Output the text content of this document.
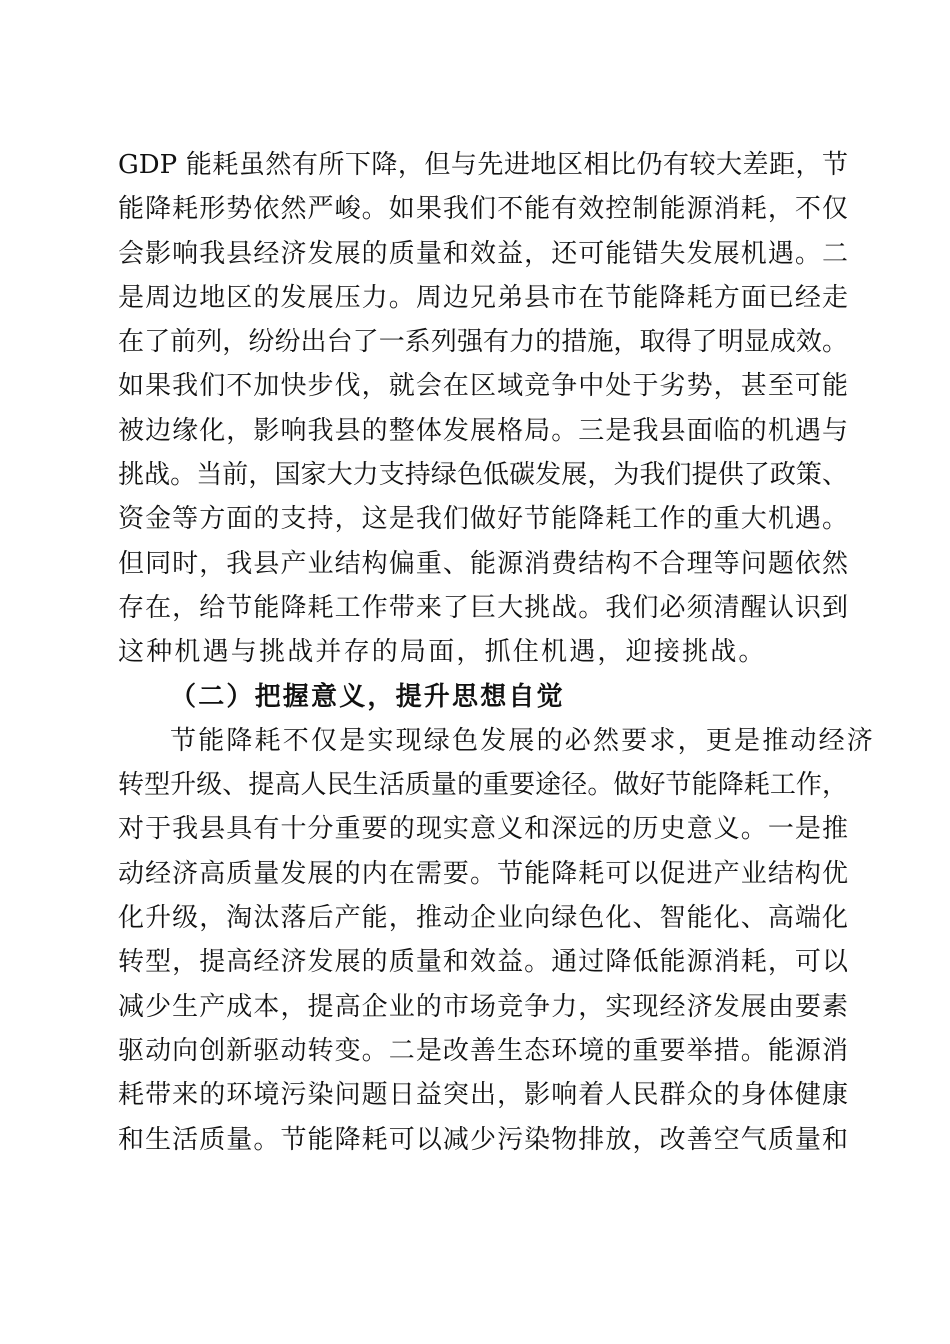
GDP 能耗虽然有所下降，但与先进地区相比仍有较大差距，节
能降耗形势依然严峻。如果我们不能有效控制能源消耗，不仅
会影响我县经济发展的质量和效益，还可能错失发展机遇。二
是周边地区的发展压力。周边兄弟县市在节能降耗方面已经走
在了前列，纷纷出台了一系列强有力的措施，取得了明显成效。
如果我们不加快步伐，就会在区域竞争中处于劣势，甚至可能
被边缘化，影响我县的整体发展格局。三是我县面临的机遇与
挑战。当前，国家大力支持绿色低碳发展，为我们提供了政策、
资金等方面的支持，这是我们做好节能降耗工作的重大机遇。
但同时，我县产业结构偏重、能源消费结构不合理等问题依然
存在，给节能降耗工作带来了巨大挑战。我们必须清醒认识到
这种机遇与挑战并存的局面，抓住机遇，迎接挑战。
（二）把握意义，提升思想自觉
节能降耗不仅是实现绿色发展的必然要求，更是推动经济
转型升级、提高人民生活质量的重要途径。做好节能降耗工作，
对于我县具有十分重要的现实意义和深远的历史意义。一是推
动经济高质量发展的内在需要。节能降耗可以促进产业结构优
化升级，淘汰落后产能，推动企业向绿色化、智能化、高端化
转型，提高经济发展的质量和效益。通过降低能源消耗，可以
减少生产成本，提高企业的市场竞争力，实现经济发展由要素
驱动向创新驱动转变。二是改善生态环境的重要举措。能源消
耗带来的环境污染问题日益突出，影响着人民群众的身体健康
和生活质量。节能降耗可以减少污染物排放，改善空气质量和
